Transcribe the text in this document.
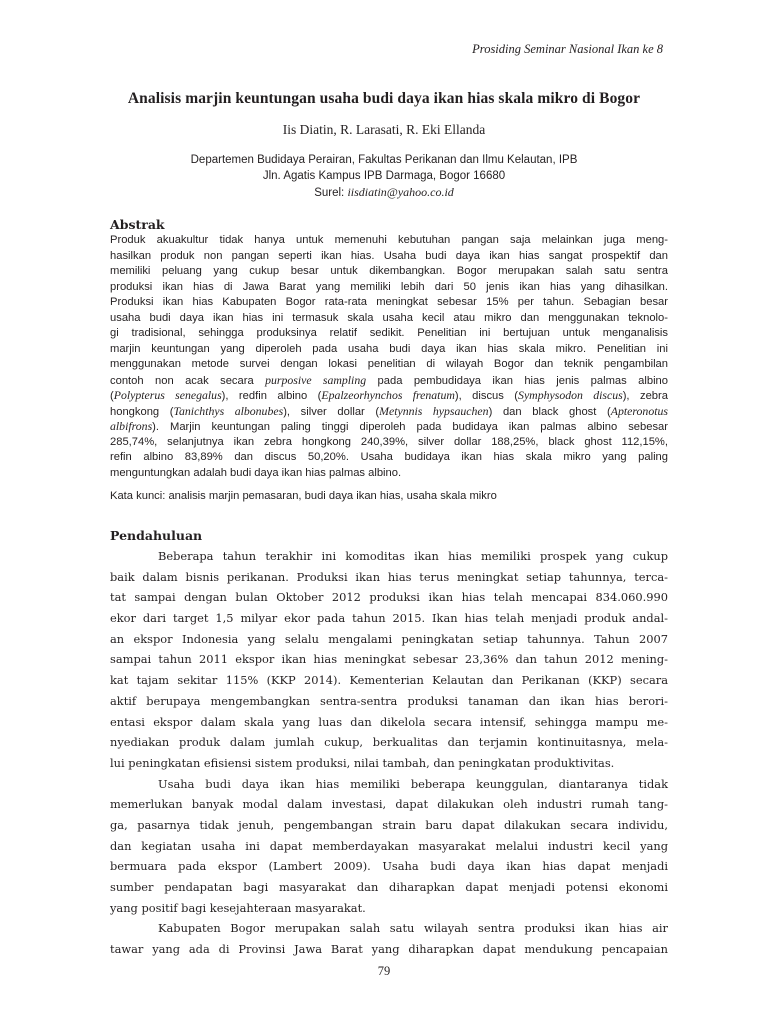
Prosiding Seminar Nasional Ikan ke 8
Analisis marjin keuntungan usaha budi daya ikan hias skala mikro di Bogor
Iis Diatin, R. Larasati, R. Eki Ellanda
Departemen Budidaya Perairan, Fakultas Perikanan dan Ilmu Kelautan, IPB
Jln. Agatis Kampus IPB Darmaga, Bogor 16680
Surel: iisdiatin@yahoo.co.id
Abstrak
Produk akuakultur tidak hanya untuk memenuhi kebutuhan pangan saja melainkan juga meng-
hasilkan produk non pangan seperti ikan hias. Usaha budi daya ikan hias sangat prospektif dan
memiliki peluang yang cukup besar untuk dikembangkan. Bogor merupakan salah satu sentra
produksi ikan hias di Jawa Barat yang memiliki lebih dari 50 jenis ikan hias yang dihasilkan.
Produksi ikan hias Kabupaten Bogor rata-rata meningkat sebesar 15% per tahun. Sebagian besar
usaha budi daya ikan hias ini termasuk skala usaha kecil atau mikro dan menggunakan teknolo-
gi tradisional, sehingga produksinya relatif sedikit. Penelitian ini bertujuan untuk menganalisis
marjin keuntungan yang diperoleh pada usaha budi daya ikan hias skala mikro. Penelitian ini
menggunakan metode survei dengan lokasi penelitian di wilayah Bogor dan teknik pengambilan
contoh non acak secara purposive sampling pada pembudidaya ikan hias jenis palmas albino
(Polypterus senegalus), redfin albino (Epalzeorhynchos frenatum), discus (Symphysodon discus), zebra
hongkong (Tanichthys albonubes), silver dollar (Metynnis hypsauchen) dan black ghost (Apteronotus
albifrons). Marjin keuntungan paling tinggi diperoleh pada budidaya ikan palmas albino sebesar
285,74%, selanjutnya ikan zebra hongkong 240,39%, silver dollar 188,25%, black ghost 112,15%,
refin albino 83,89% dan discus 50,20%. Usaha budidaya ikan hias skala mikro yang paling
menguntungkan adalah budi daya ikan hias palmas albino.
Kata kunci: analisis marjin pemasaran, budi daya ikan hias, usaha skala mikro
Pendahuluan
Beberapa tahun terakhir ini komoditas ikan hias memiliki prospek yang cukup
baik dalam bisnis perikanan. Produksi ikan hias terus meningkat setiap tahunnya, terca-
tat sampai dengan bulan Oktober 2012 produksi ikan hias telah mencapai 834.060.990
ekor dari target 1,5 milyar ekor pada tahun 2015. Ikan hias telah menjadi produk andal-
an ekspor Indonesia yang selalu mengalami peningkatan setiap tahunnya. Tahun 2007
sampai tahun 2011 ekspor ikan hias meningkat sebesar 23,36% dan tahun 2012 mening-
kat tajam sekitar 115% (KKP 2014). Kementerian Kelautan dan Perikanan (KKP) secara
aktif berupaya mengembangkan sentra-sentra produksi tanaman dan ikan hias berori-
entasi ekspor dalam skala yang luas dan dikelola secara intensif, sehingga mampu me-
nyediakan produk dalam jumlah cukup, berkualitas dan terjamin kontinuitasnya, mela-
lui peningkatan efisiensi sistem produksi, nilai tambah, dan peningkatan produktivitas.
Usaha budi daya ikan hias memiliki beberapa keunggulan, diantaranya tidak
memerlukan banyak modal dalam investasi, dapat dilakukan oleh industri rumah tang-
ga, pasarnya tidak jenuh, pengembangan strain baru dapat dilakukan secara individu,
dan kegiatan usaha ini dapat memberdayakan masyarakat melalui industri kecil yang
bermuara pada ekspor (Lambert 2009). Usaha budi daya ikan hias dapat menjadi
sumber pendapatan bagi masyarakat dan diharapkan dapat menjadi potensi ekonomi
yang positif bagi kesejahteraan masyarakat.
Kabupaten Bogor merupakan salah satu wilayah sentra produksi ikan hias air
tawar yang ada di Provinsi Jawa Barat yang diharapkan dapat mendukung pencapaian
79
